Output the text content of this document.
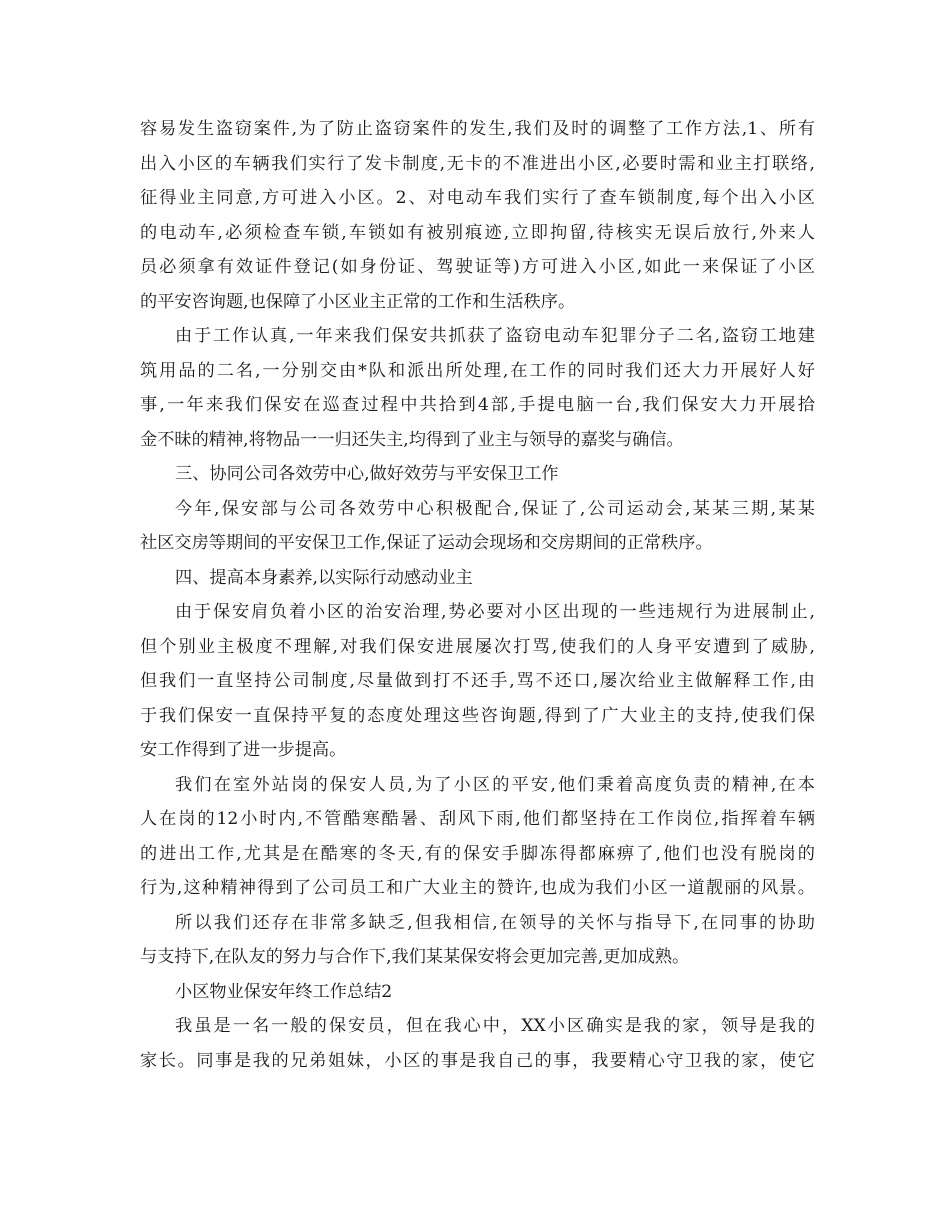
容易发生盗窃案件,为了防止盗窃案件的发生,我们及时的调整了工作方法,1、所有
出入小区的车辆我们实行了发卡制度,无卡的不准进出小区,必要时需和业主打联络,
征得业主同意,方可进入小区。2、对电动车我们实行了查车锁制度,每个出入小区
的电动车,必须检查车锁,车锁如有被别痕迹,立即拘留,待核实无误后放行,外来人
员必须拿有效证件登记(如身份证、驾驶证等)方可进入小区,如此一来保证了小区
的平安咨询题,也保障了小区业主正常的工作和生活秩序。
由于工作认真,一年来我们保安共抓获了盗窃电动车犯罪分子二名,盗窃工地建
筑用品的二名,一分别交由*队和派出所处理,在工作的同时我们还大力开展好人好
事,一年来我们保安在巡查过程中共拾到4部,手提电脑一台,我们保安大力开展拾
金不昧的精神,将物品一一归还失主,均得到了业主与领导的嘉奖与确信。
三、协同公司各效劳中心,做好效劳与平安保卫工作
今年,保安部与公司各效劳中心积极配合,保证了,公司运动会,某某三期,某某
社区交房等期间的平安保卫工作,保证了运动会现场和交房期间的正常秩序。
四、提高本身素养,以实际行动感动业主
由于保安肩负着小区的治安治理,势必要对小区出现的一些违规行为进展制止,
但个别业主极度不理解,对我们保安进展屡次打骂,使我们的人身平安遭到了威胁,
但我们一直坚持公司制度,尽量做到打不还手,骂不还口,屡次给业主做解释工作,由
于我们保安一直保持平复的态度处理这些咨询题,得到了广大业主的支持,使我们保
安工作得到了进一步提高。
我们在室外站岗的保安人员,为了小区的平安,他们秉着高度负责的精神,在本
人在岗的12小时内,不管酷寒酷暑、刮风下雨,他们都坚持在工作岗位,指挥着车辆
的进出工作,尤其是在酷寒的冬天,有的保安手脚冻得都麻痹了,他们也没有脱岗的
行为,这种精神得到了公司员工和广大业主的赞许,也成为我们小区一道靓丽的风景。
所以我们还存在非常多缺乏,但我相信,在领导的关怀与指导下,在同事的协助
与支持下,在队友的努力与合作下,我们某某保安将会更加完善,更加成熟。
小区物业保安年终工作总结2
我虽是一名一般的保安员，但在我心中，XX小区确实是我的家，领导是我的
家长。同事是我的兄弟姐妹，小区的事是我自己的事，我要精心守卫我的家，使它
